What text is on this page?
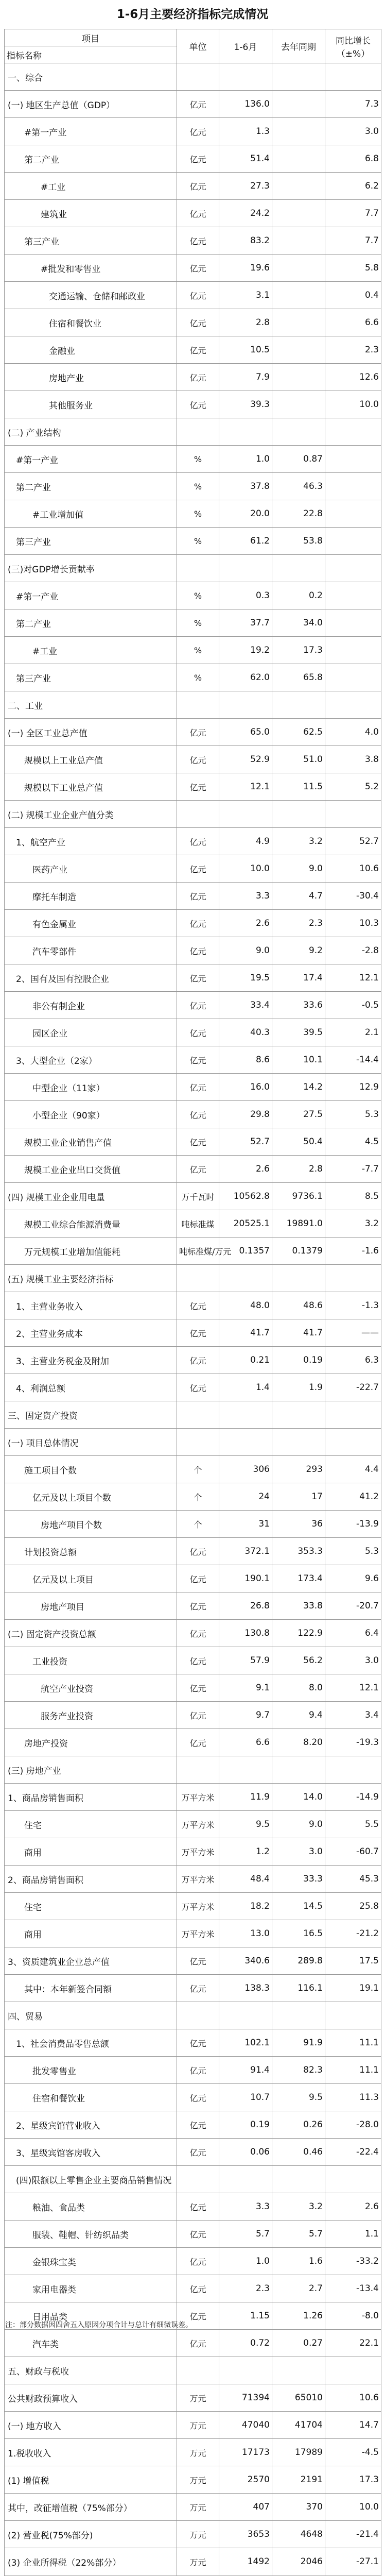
1-6月主要经济指标完成情况
项目	单位	1-6月	去年同期	同比增长
（±%）

指标名称				
一、综合				
(一) 地区生产总值（GDP）	亿元	136.0		7.3
#第一产业	亿元	1.3		3.0
第二产业	亿元	51.4		6.8
#工业	亿元	27.3		6.2
建筑业	亿元	24.2		7.7
第三产业	亿元	83.2		7.7
#批发和零售业	亿元	19.6		5.8
交通运输、仓储和邮政业	亿元	3.1		0.4
住宿和餐饮业	亿元	2.8		6.6
金融业	亿元	10.5		2.3
房地产业	亿元	7.9		12.6
其他服务业	亿元	39.3		10.0
(二) 产业结构				
#第一产业	%	1.0	0.87	
第二产业	%	37.8	46.3	
#工业增加值	%	20.0	22.8	
第三产业	%	61.2	53.8	
(三)对GDP增长贡献率				
#第一产业	%	0.3	0.2	
第二产业	%	37.7	34.0	
#工业	%	19.2	17.3	
第三产业	%	62.0	65.8	
二、工业				
(一) 全区工业总产值	亿元	65.0	62.5	4.0
规模以上工业总产值	亿元	52.9	51.0	3.8
规模以下工业总产值	亿元	12.1	11.5	5.2
(二) 规模工业企业产值分类				
1、航空产业	亿元	4.9	3.2	52.7
医药产业	亿元	10.0	9.0	10.6
摩托车制造	亿元	3.3	4.7	-30.4
有色金属业	亿元	2.6	2.3	10.3
汽车零部件	亿元	9.0	9.2	-2.8
2、国有及国有控股企业	亿元	19.5	17.4	12.1
非公有制企业	亿元	33.4	33.6	-0.5
园区企业	亿元	40.3	39.5	2.1
3、大型企业（2家）	亿元	8.6	10.1	-14.4
中型企业（11家）	亿元	16.0	14.2	12.9
小型企业（90家）	亿元	29.8	27.5	5.3
规模工业企业销售产值	亿元	52.7	50.4	4.5
规模工业企业出口交货值	亿元	2.6	2.8	-7.7
(四) 规模工业企业用电量	万千瓦时	10562.8	9736.1	8.5
规模工业综合能源消费量	吨标准煤	20525.1	19891.0	3.2
万元规模工业增加值能耗	吨标准煤/万元	0.1357	0.1379	-1.6
(五) 规模工业主要经济指标				
1、主营业务收入	亿元	48.0	48.6	-1.3
2、主营业务成本	亿元	41.7	41.7	——
3、主营业务税金及附加	亿元	0.21	0.19	6.3
4、利润总额	亿元	1.4	1.9	-22.7
三、固定资产投资				
(一) 项目总体情况				
施工项目个数	个	306	293	4.4
亿元及以上项目个数	个	24	17	41.2
房地产项目个数	个	31	36	-13.9
计划投资总额	亿元	372.1	353.3	5.3
亿元及以上项目	亿元	190.1	173.4	9.6
房地产项目	亿元	26.8	33.8	-20.7
(二) 固定资产投资总额	亿元	130.8	122.9	6.4
工业投资	亿元	57.9	56.2	3.0
航空产业投资	亿元	9.1	8.0	12.1
服务产业投资	亿元	9.7	9.4	3.4
房地产投资	亿元	6.6	8.20	-19.3
(三) 房地产业				
1、商品房销售面积	万平方米	11.9	14.0	-14.9
住宅	万平方米	9.5	9.0	5.5
商用	万平方米	1.2	3.0	-60.7
2、商品房销售面积	万平方米	48.4	33.3	45.3
住宅	万平方米	18.2	14.5	25.8
商用	万平方米	13.0	16.5	-21.2
3、资质建筑业企业总产值	亿元	340.6	289.8	17.5
其中：本年新签合同额	亿元	138.3	116.1	19.1
四、贸易				
1、社会消费品零售总额	亿元	102.1	91.9	11.1
批发零售业	亿元	91.4	82.3	11.1
住宿和餐饮业	亿元	10.7	9.5	11.3
2、星级宾馆营业收入	亿元	0.19	0.26	-28.0
3、星级宾馆客房收入	亿元	0.06	0.46	-22.4
(四)限额以上零售企业主要商品销售情况				
粮油、食品类	亿元	3.3	3.2	2.6
服装、鞋帽、针纺织品类	亿元	5.7	5.7	1.1
金银珠宝类	亿元	1.0	1.6	-33.2
家用电器类	亿元	2.3	2.7	-13.4
日用品类	亿元	1.15	1.26	-8.0
汽车类	亿元	0.72	0.27	22.1
五、财政与税收				
公共财政预算收入	万元	71394	65010	10.6
(一) 地方收入	万元	47040	41704	14.7
1.税收收入	万元	17173	17989	-4.5
(1) 增值税	万元	2570	2191	17.3
其中，改征增值税（75%部分）	万元	407	370	10.0
(2) 营业税(75%部分)	万元	3653	4648	-21.4
(3) 企业所得税（22%部分）	万元	1492	2046	-27.1

注：部分数据因四舍五入原因分项合计与总计有细微误差。
